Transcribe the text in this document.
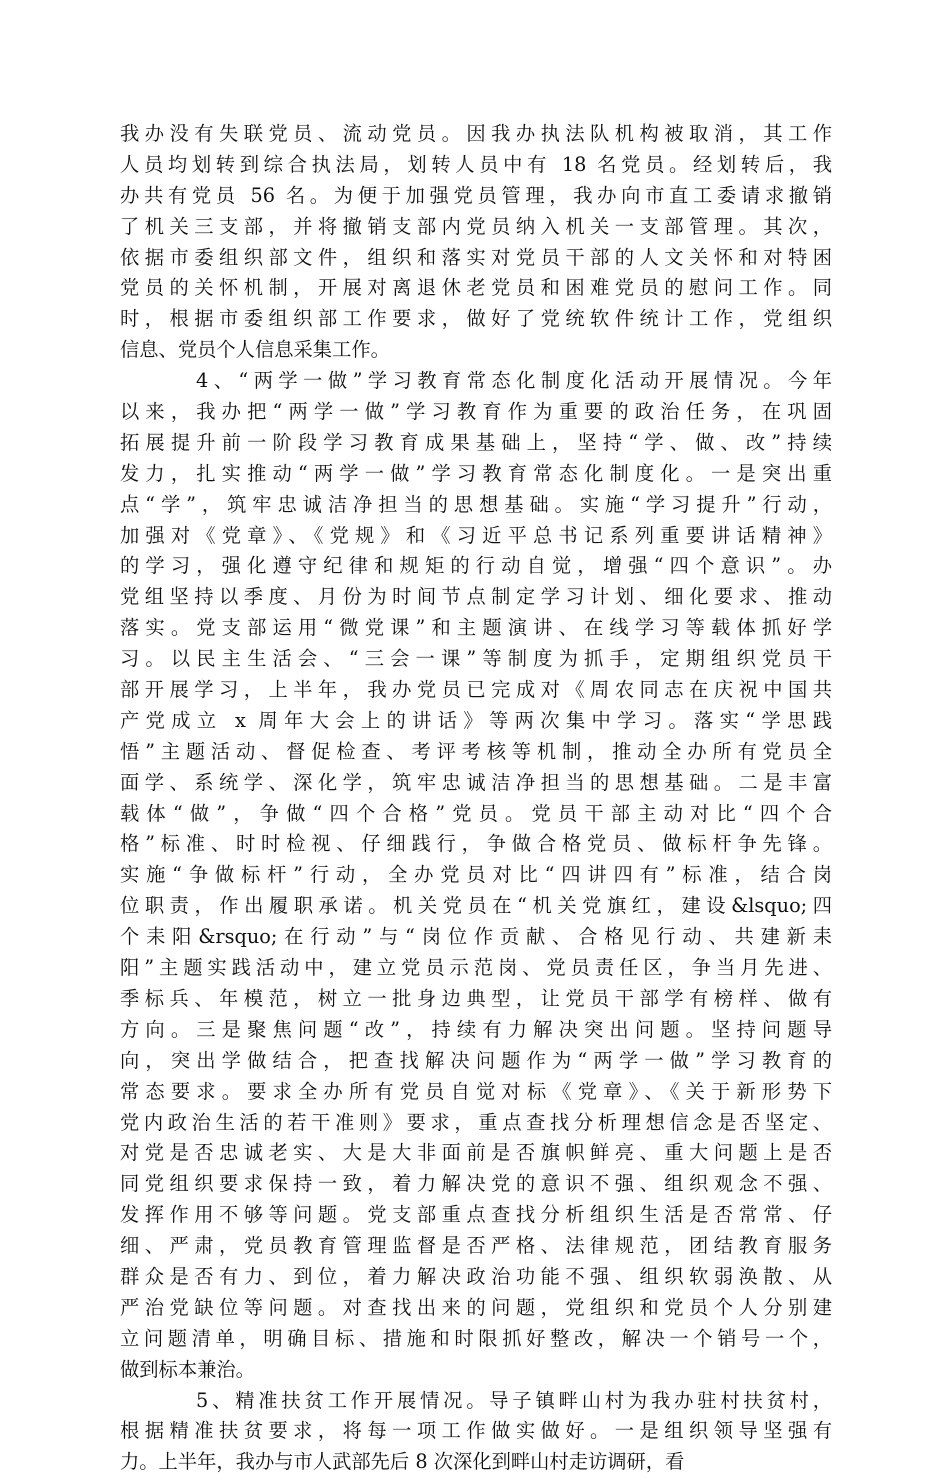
我办没有失联党员、流动党员。因我办执法队机构被取消，其工作
人员均划转到综合执法局，划转人员中有 18 名党员。经划转后，我
办共有党员 56 名。为便于加强党员管理，我办向市直工委请求撤销
了机关三支部，并将撤销支部内党员纳入机关一支部管理。其次，
依据市委组织部文件，组织和落实对党员干部的人文关怀和对特困
党员的关怀机制，开展对离退休老党员和困难党员的慰问工作。同
时，根据市委组织部工作要求，做好了党统软件统计工作，党组织
信息、党员个人信息采集工作。
4、“两学一做”学习教育常态化制度化活动开展情况。今年
以来，我办把“两学一做”学习教育作为重要的政治任务，在巩固
拓展提升前一阶段学习教育成果基础上，坚持“学、做、改”持续
发力，扎实推动“两学一做”学习教育常态化制度化。一是突出重
点“学”，筑牢忠诚洁净担当的思想基础。实施“学习提升”行动，
加强对《党章》、《党规》和《习近平总书记系列重要讲话精神》
的学习，强化遵守纪律和规矩的行动自觉，增强“四个意识”。办
党组坚持以季度、月份为时间节点制定学习计划、细化要求、推动
落实。党支部运用“微党课”和主题演讲、在线学习等载体抓好学
习。以民主生活会、“三会一课”等制度为抓手，定期组织党员干
部开展学习，上半年，我办党员已完成对《周农同志在庆祝中国共
产党成立 x 周年大会上的讲话》等两次集中学习。落实“学思践
悟”主题活动、督促检查、考评考核等机制，推动全办所有党员全
面学、系统学、深化学，筑牢忠诚洁净担当的思想基础。二是丰富
载体“做”，争做“四个合格”党员。党员干部主动对比“四个合
格”标准、时时检视、仔细践行，争做合格党员、做标杆争先锋。
实施“争做标杆”行动，全办党员对比“四讲四有”标准，结合岗
位职责，作出履职承诺。机关党员在“机关党旗红，建设&lsquo;四
个耒阳&rsquo;在行动”与“岗位作贡献、合格见行动、共建新耒
阳”主题实践活动中，建立党员示范岗、党员责任区，争当月先进、
季标兵、年模范，树立一批身边典型，让党员干部学有榜样、做有
方向。三是聚焦问题“改”，持续有力解决突出问题。坚持问题导
向，突出学做结合，把查找解决问题作为“两学一做”学习教育的
常态要求。要求全办所有党员自觉对标《党章》、《关于新形势下
党内政治生活的若干准则》要求，重点查找分析理想信念是否坚定、
对党是否忠诚老实、大是大非面前是否旗帜鲜亮、重大问题上是否
同党组织要求保持一致，着力解决党的意识不强、组织观念不强、
发挥作用不够等问题。党支部重点查找分析组织生活是否常常、仔
细、严肃，党员教育管理监督是否严格、法律规范，团结教育服务
群众是否有力、到位，着力解决政治功能不强、组织软弱涣散、从
严治党缺位等问题。对查找出来的问题，党组织和党员个人分别建
立问题清单，明确目标、措施和时限抓好整改，解决一个销号一个，
做到标本兼治。
5、精准扶贫工作开展情况。导子镇畔山村为我办驻村扶贫村，
根据精准扶贫要求，将每一项工作做实做好。一是组织领导坚强有
力。上半年，我办与市人武部先后 8 次深化到畔山村走访调研，看
